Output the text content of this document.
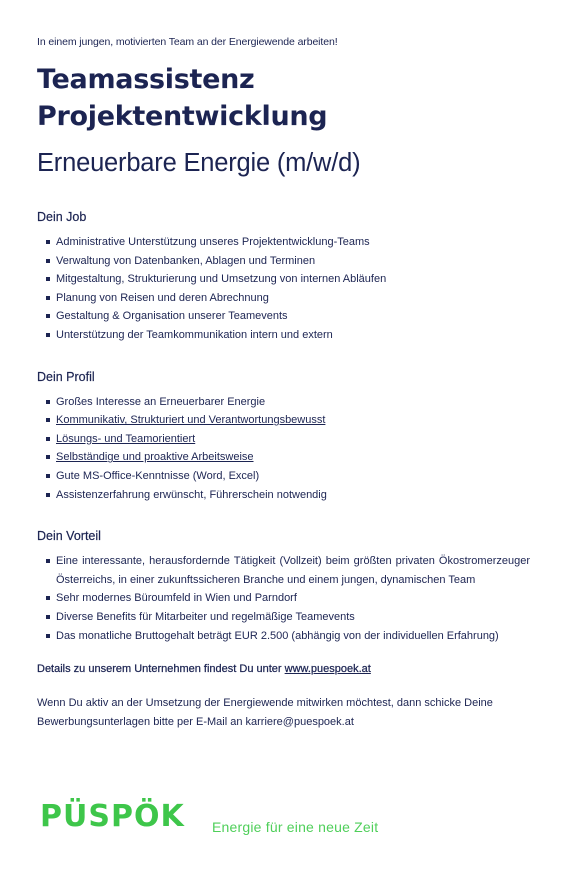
In einem jungen, motivierten Team an der Energiewende arbeiten!
Teamassistenz
Projektentwicklung
Erneuerbare Energie (m/w/d)
Dein Job
Administrative Unterstützung unseres Projektentwicklung-Teams
Verwaltung von Datenbanken, Ablagen und Terminen
Mitgestaltung, Strukturierung und Umsetzung von internen Abläufen
Planung von Reisen und deren Abrechnung
Gestaltung & Organisation unserer Teamevents
Unterstützung der Teamkommunikation intern und extern
Dein Profil
Großes Interesse an Erneuerbarer Energie
Kommunikativ, Strukturiert und Verantwortungsbewusst
Lösungs- und Teamorientiert
Selbständige und proaktive Arbeitsweise
Gute MS-Office-Kenntnisse (Word, Excel)
Assistenzerfahrung erwünscht, Führerschein notwendig
Dein Vorteil
Eine interessante, herausfordernde Tätigkeit (Vollzeit) beim größten privaten Ökostromerzeuger Österreichs, in einer zukunftssicheren Branche und einem jungen, dynamischen Team
Sehr modernes Büroumfeld in Wien und Parndorf
Diverse Benefits für Mitarbeiter und regelmäßige Teamevents
Das monatliche Bruttogehalt beträgt EUR 2.500 (abhängig von der individuellen Erfahrung)
Details zu unserem Unternehmen findest Du unter www.puespoek.at
Wenn Du aktiv an der Umsetzung der Energiewende mitwirken möchtest, dann schicke Deine Bewerbungsunterlagen bitte per E-Mail an karriere@puespoek.at
PÜSPÖK Energie für eine neue Zeit
